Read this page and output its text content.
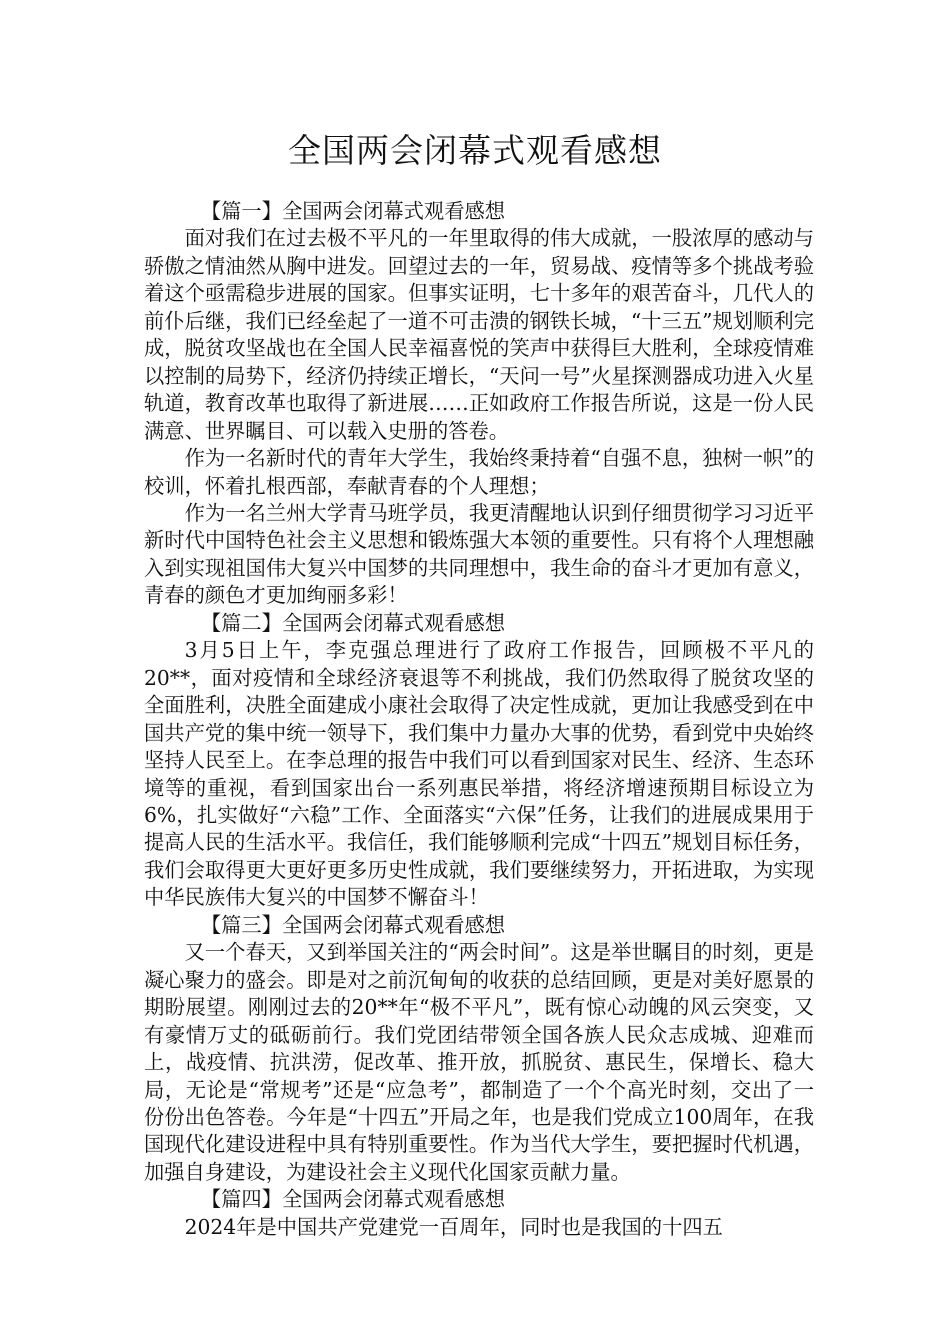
全国两会闭幕式观看感想

【篇一】全国两会闭幕式观看感想

面对我们在过去极不平凡的一年里取得的伟大成就，一股浓厚的感动与骄傲之情油然从胸中进发。回望过去的一年，贸易战、疫情等多个挑战考验着这个亟需稳步进展的国家。但事实证明，七十多年的艰苦奋斗，几代人的前仆后继，我们已经垒起了一道不可击溃的钢铁长城，“十三五”规划顺利完成，脱贫攻坚战也在全国人民幸福喜悦的笑声中获得巨大胜利，全球疫情难以控制的局势下，经济仍持续正增长，“天问一号”火星探测器成功进入火星轨道，教育改革也取得了新进展……正如政府工作报告所说，这是一份人民满意、世界瞩目、可以载入史册的答卷。

作为一名新时代的青年大学生，我始终秉持着“自强不息，独树一帜”的校训，怀着扎根西部，奉献青春的个人理想；

作为一名兰州大学青马班学员，我更清醒地认识到仔细贯彻学习习近平新时代中国特色社会主义思想和锻炼强大本领的重要性。只有将个人理想融入到实现祖国伟大复兴中国梦的共同理想中，我生命的奋斗才更加有意义，青春的颜色才更加绚丽多彩！

【篇二】全国两会闭幕式观看感想

3月5日上午，李克强总理进行了政府工作报告，回顾极不平凡的20**，面对疫情和全球经济衰退等不利挑战，我们仍然取得了脱贫攻坚的全面胜利，决胜全面建成小康社会取得了决定性成就，更加让我感受到在中国共产党的集中统一领导下，我们集中力量办大事的优势，看到党中央始终坚持人民至上。在李总理的报告中我们可以看到国家对民生、经济、生态环境等的重视，看到国家出台一系列惠民举措，将经济增速预期目标设立为6%，扎实做好“六稳”工作、全面落实“六保”任务，让我们的进展成果用于提高人民的生活水平。我信任，我们能够顺利完成“十四五”规划目标任务，我们会取得更大更好更多历史性成就，我们要继续努力，开拓进取，为实现中华民族伟大复兴的中国梦不懈奋斗！

【篇三】全国两会闭幕式观看感想

又一个春天，又到举国关注的“两会时间”。这是举世瞩目的时刻，更是凝心聚力的盛会。即是对之前沉甸甸的收获的总结回顾，更是对美好愿景的期盼展望。刚刚过去的20**年“极不平凡”，既有惊心动魄的风云突变，又有豪情万丈的砥砺前行。我们党团结带领全国各族人民众志成城、迎难而上，战疫情、抗洪涝，促改革、推开放，抓脱贫、惠民生，保增长、稳大局，无论是“常规考”还是“应急考”，都制造了一个个高光时刻，交出了一份份出色答卷。今年是“十四五”开局之年，也是我们党成立100周年，在我国现代化建设进程中具有特别重要性。作为当代大学生，要把握时代机遇，加强自身建设，为建设社会主义现代化国家贡献力量。

【篇四】全国两会闭幕式观看感想

2024年是中国共产党建党一百周年，同时也是我国的十四五
